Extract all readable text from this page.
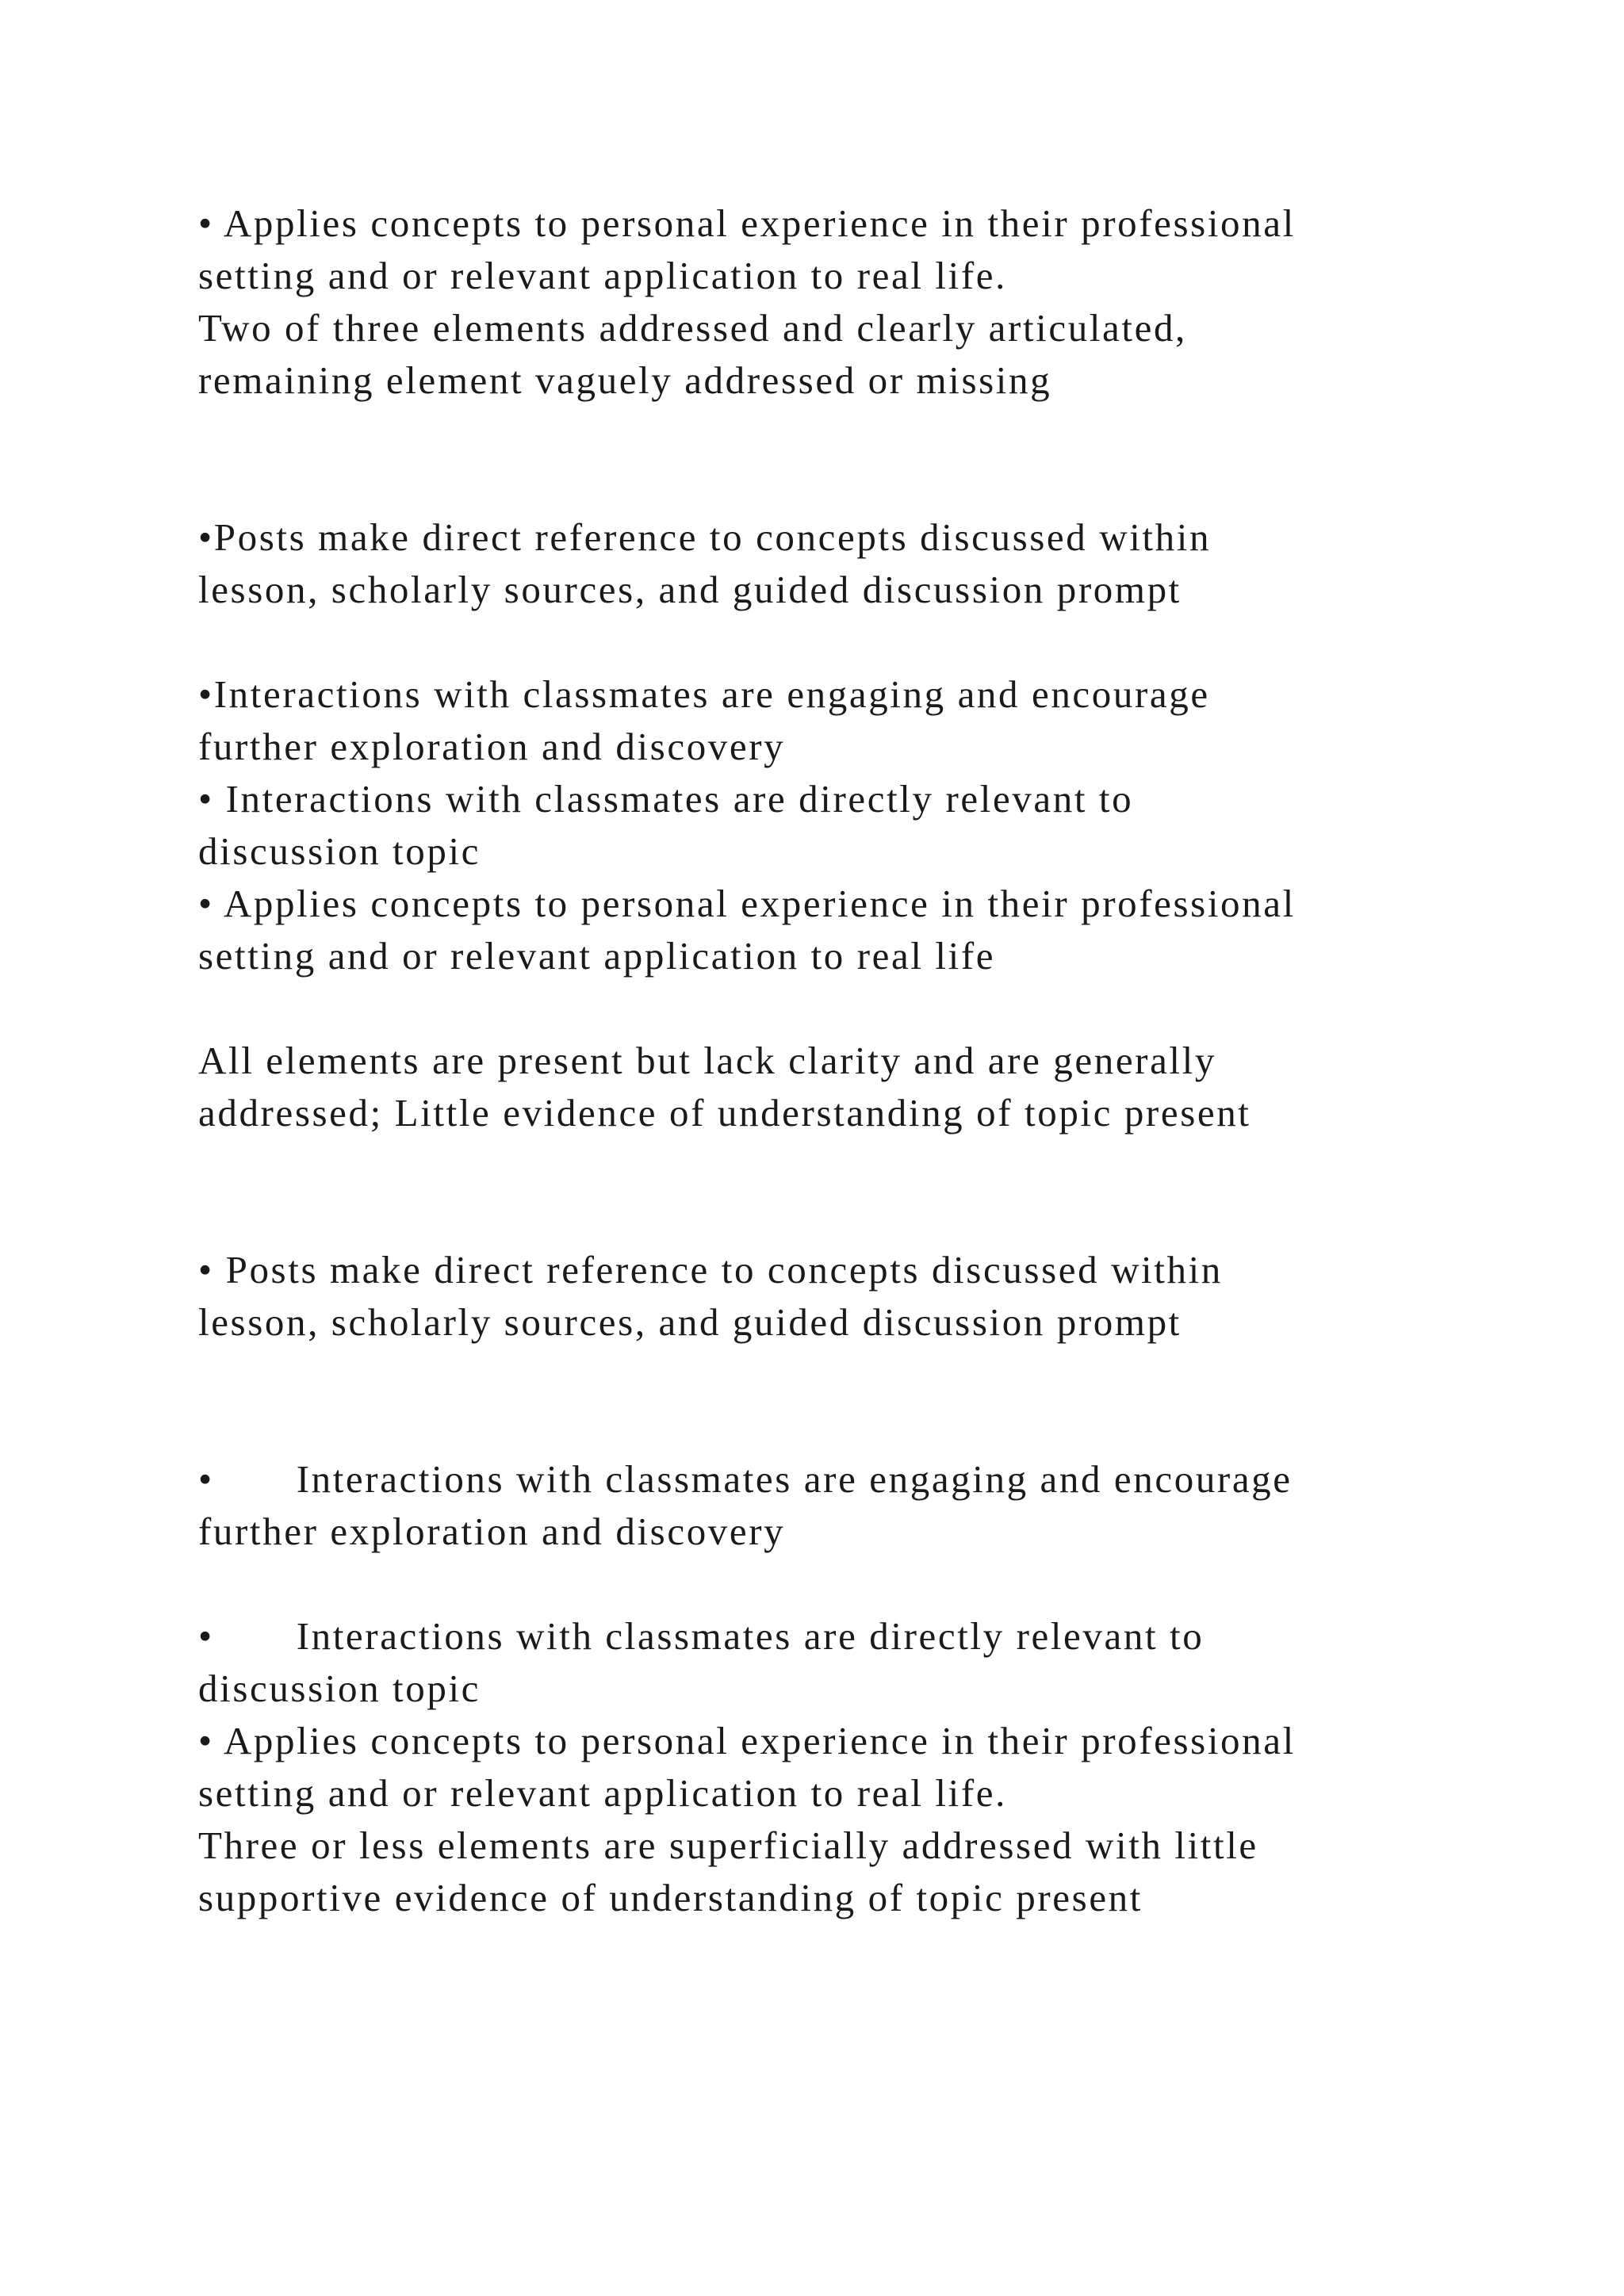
• Applies concepts to personal experience in their professional

setting and or relevant application to real life.

Two of three elements addressed and clearly articulated,

remaining element vaguely addressed or missing

•Posts make direct reference to concepts discussed within

lesson, scholarly sources, and guided discussion prompt

•Interactions with classmates are engaging and encourage

further exploration and discovery

• Interactions with classmates are directly relevant to

discussion topic

• Applies concepts to personal experience in their professional

setting and or relevant application to real life

All elements are present but lack clarity and are generally

addressed; Little evidence of understanding of topic present

• Posts make direct reference to concepts discussed within

lesson, scholarly sources, and guided discussion prompt

•       Interactions with classmates are engaging and encourage

further exploration and discovery

•       Interactions with classmates are directly relevant to

discussion topic

• Applies concepts to personal experience in their professional

setting and or relevant application to real life.

Three or less elements are superficially addressed with little

supportive evidence of understanding of topic present
